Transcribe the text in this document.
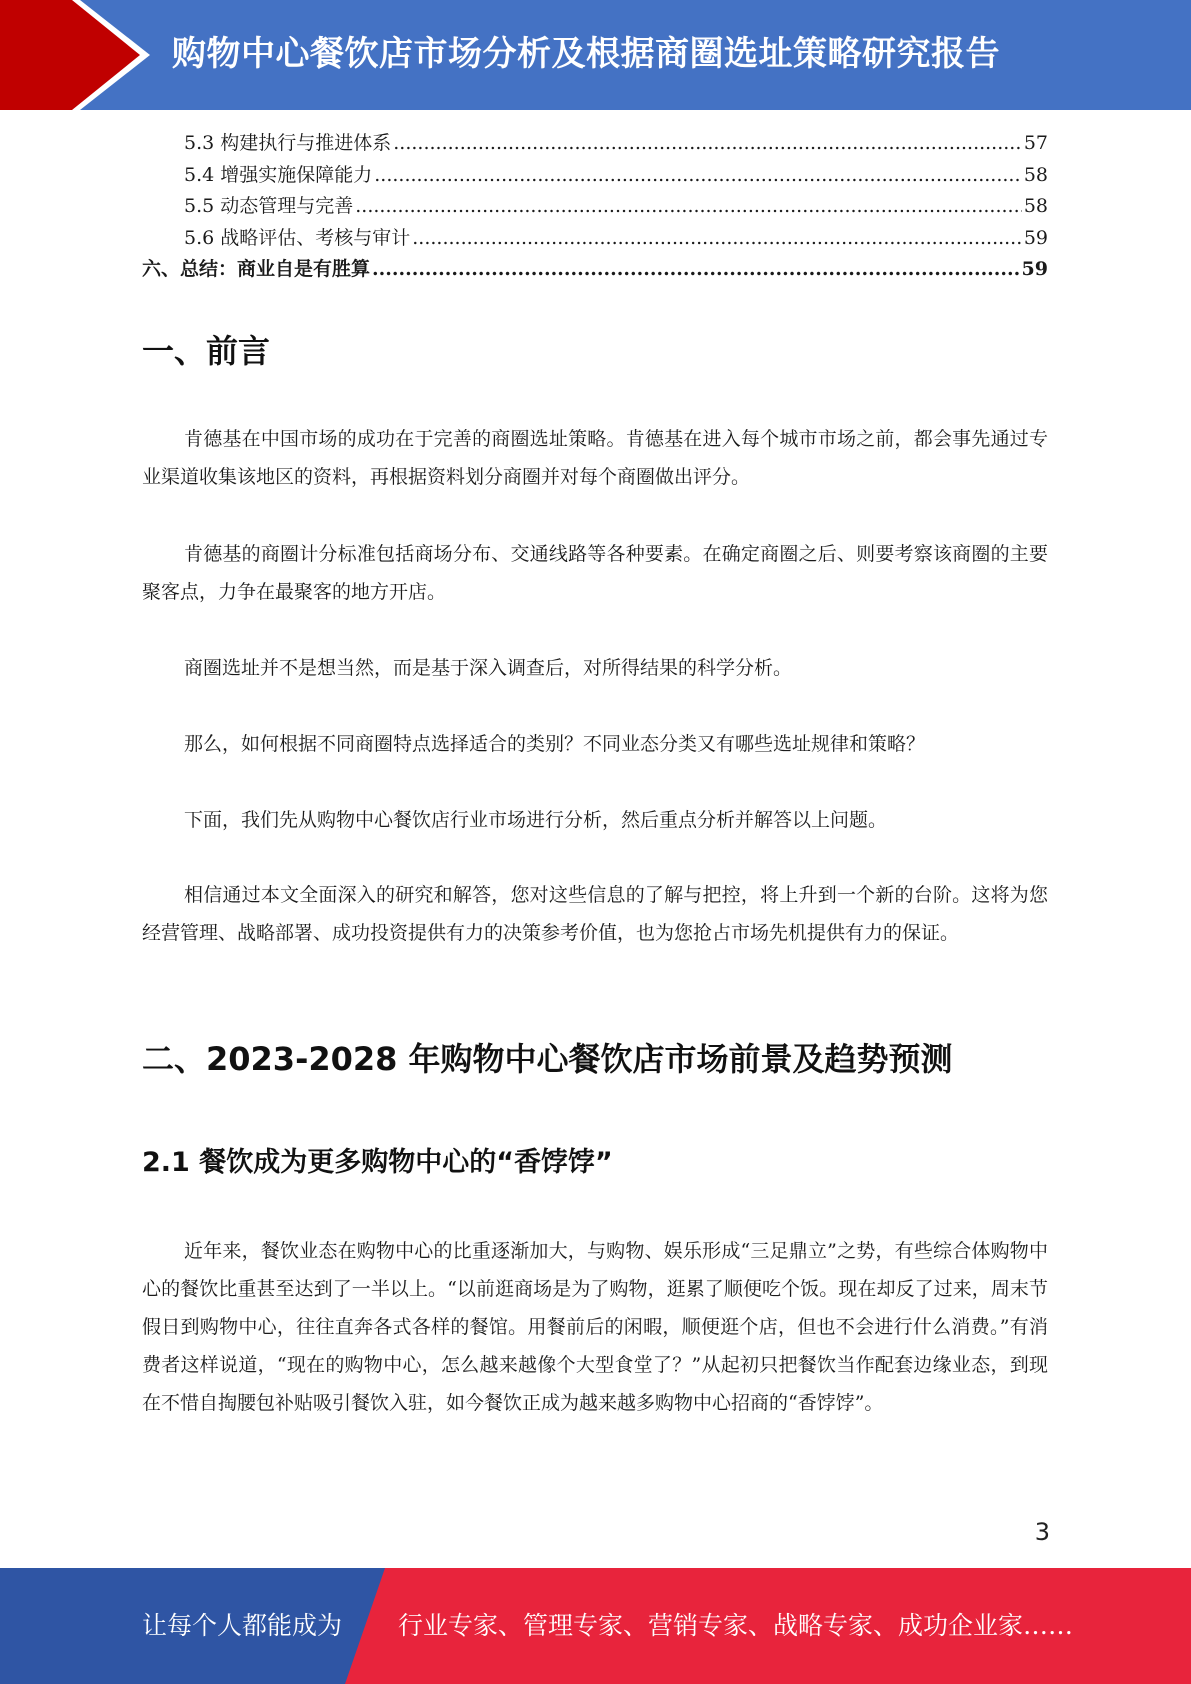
购物中心餐饮店市场分析及根据商圈选址策略研究报告
5.3 构建执行与推进体系 .....	57
5.4 增强实施保障能力 .....	58
5.5 动态管理与完善 .....	58
5.6 战略评估、考核与审计 .....	59
六、总结：商业自是有胜算 .....	59
一、前言
肯德基在中国市场的成功在于完善的商圈选址策略。肯德基在进入每个城市市场之前，都会事先通过专业渠道收集该地区的资料，再根据资料划分商圈并对每个商圈做出评分。
肯德基的商圈计分标准包括商场分布、交通线路等各种要素。在确定商圈之后、则要考察该商圈的主要聚客点，力争在最聚客的地方开店。
商圈选址并不是想当然，而是基于深入调查后，对所得结果的科学分析。
那么，如何根据不同商圈特点选择适合的类别？不同业态分类又有哪些选址规律和策略？
下面，我们先从购物中心餐饮店行业市场进行分析，然后重点分析并解答以上问题。
相信通过本文全面深入的研究和解答，您对这些信息的了解与把控，将上升到一个新的台阶。这将为您经营管理、战略部署、成功投资提供有力的决策参考价值，也为您抢占市场先机提供有力的保证。
二、2023-2028 年购物中心餐饮店市场前景及趋势预测
2.1 餐饮成为更多购物中心的“香饽饽”
近年来，餐饮业态在购物中心的比重逐渐加大，与购物、娱乐形成“三足鼎立”之势，有些综合体购物中心的餐饮比重甚至达到了一半以上。“以前逛商场是为了购物，逛累了顺便吃个饭。现在却反了过来，周末节假日到购物中心，往往直奔各式各样的餐馆。用餐前后的闲暇，顺便逛个店，但也不会进行什么消费。”有消费者这样说道，“现在的购物中心，怎么越来越像个大型食堂了？”从起初只把餐饮当作配套边缘业态，到现在不惜自掏腰包补贴吸引餐饮入驻，如今餐饮正成为越来越多购物中心招商的“香饽饽”。
3
让每个人都能成为 行业专家、管理专家、营销专家、战略专家、成功企业家……
